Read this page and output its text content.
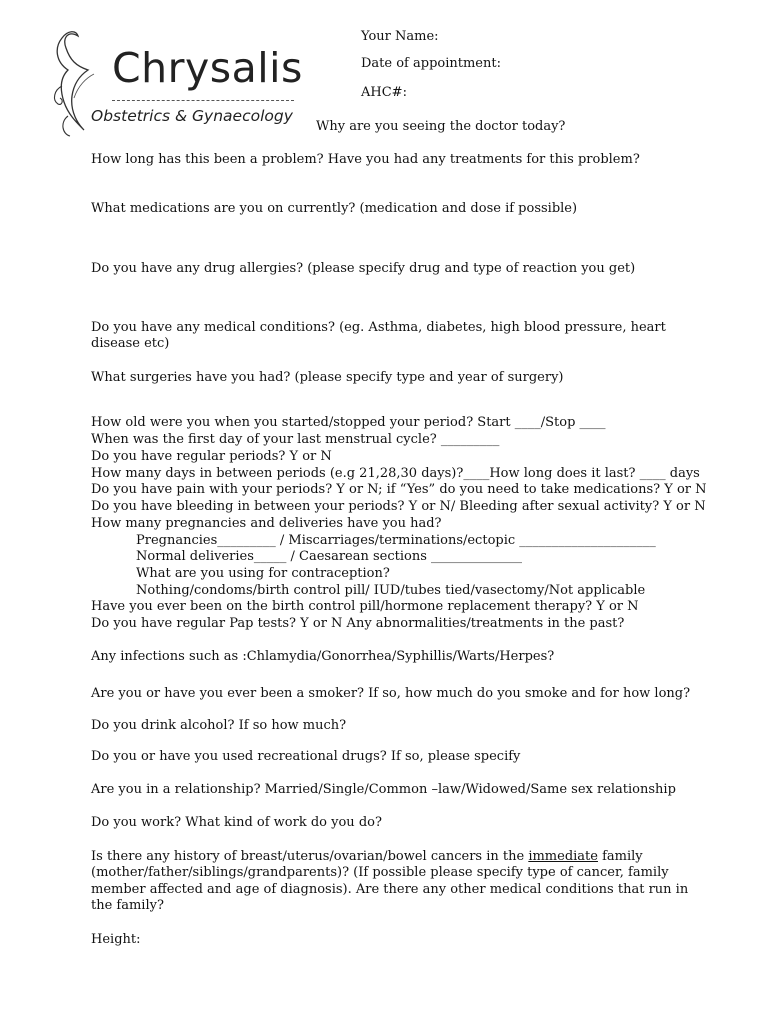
Chrysalis
Obstetrics & Gynaecology
Your Name:
Date of appointment:
AHC#:
Why are you seeing the doctor today?
How long has this been a problem? Have you had any treatments for this problem?
What medications are you on currently? (medication and dose if possible)
Do you have any drug allergies? (please specify drug and type of reaction you get)
Do you have any medical conditions? (eg. Asthma, diabetes, high blood pressure, heart
disease etc)
What surgeries have you had? (please specify type and year of surgery)
How old were you when you started/stopped your period? Start ____/Stop ____
When was the first day of your last menstrual cycle? _________
Do you have regular periods? Y or N
How many days in between periods (e.g 21,28,30 days)?____How long does it last? ____ days
Do you have pain with your periods? Y or N; if “Yes” do you need to take medications? Y or N
Do you have bleeding in between your periods? Y or N/ Bleeding after sexual activity? Y or N
How many pregnancies and deliveries have you had?
Pregnancies_________ / Miscarriages/terminations/ectopic _____________________
Normal deliveries_____ / Caesarean sections ______________
What are you using for contraception?
Nothing/condoms/birth control pill/ IUD/tubes tied/vasectomy/Not applicable
Have you ever been on the birth control pill/hormone replacement therapy? Y or N
Do you have regular Pap tests? Y or N Any abnormalities/treatments in the past?
Any infections such as :Chlamydia/Gonorrhea/Syphillis/Warts/Herpes?
Are you or have you ever been a smoker? If so, how much do you smoke and for how long?
Do you drink alcohol? If so how much?
Do you or have you used recreational drugs? If so, please specify
Are you in a relationship? Married/Single/Common –law/Widowed/Same sex relationship
Do you work? What kind of work do you do?
Is there any history of breast/uterus/ovarian/bowel cancers in the immediate family
(mother/father/siblings/grandparents)? (If possible please specify type of cancer, family
member affected and age of diagnosis). Are there any other medical conditions that run in
the family?
Height:
